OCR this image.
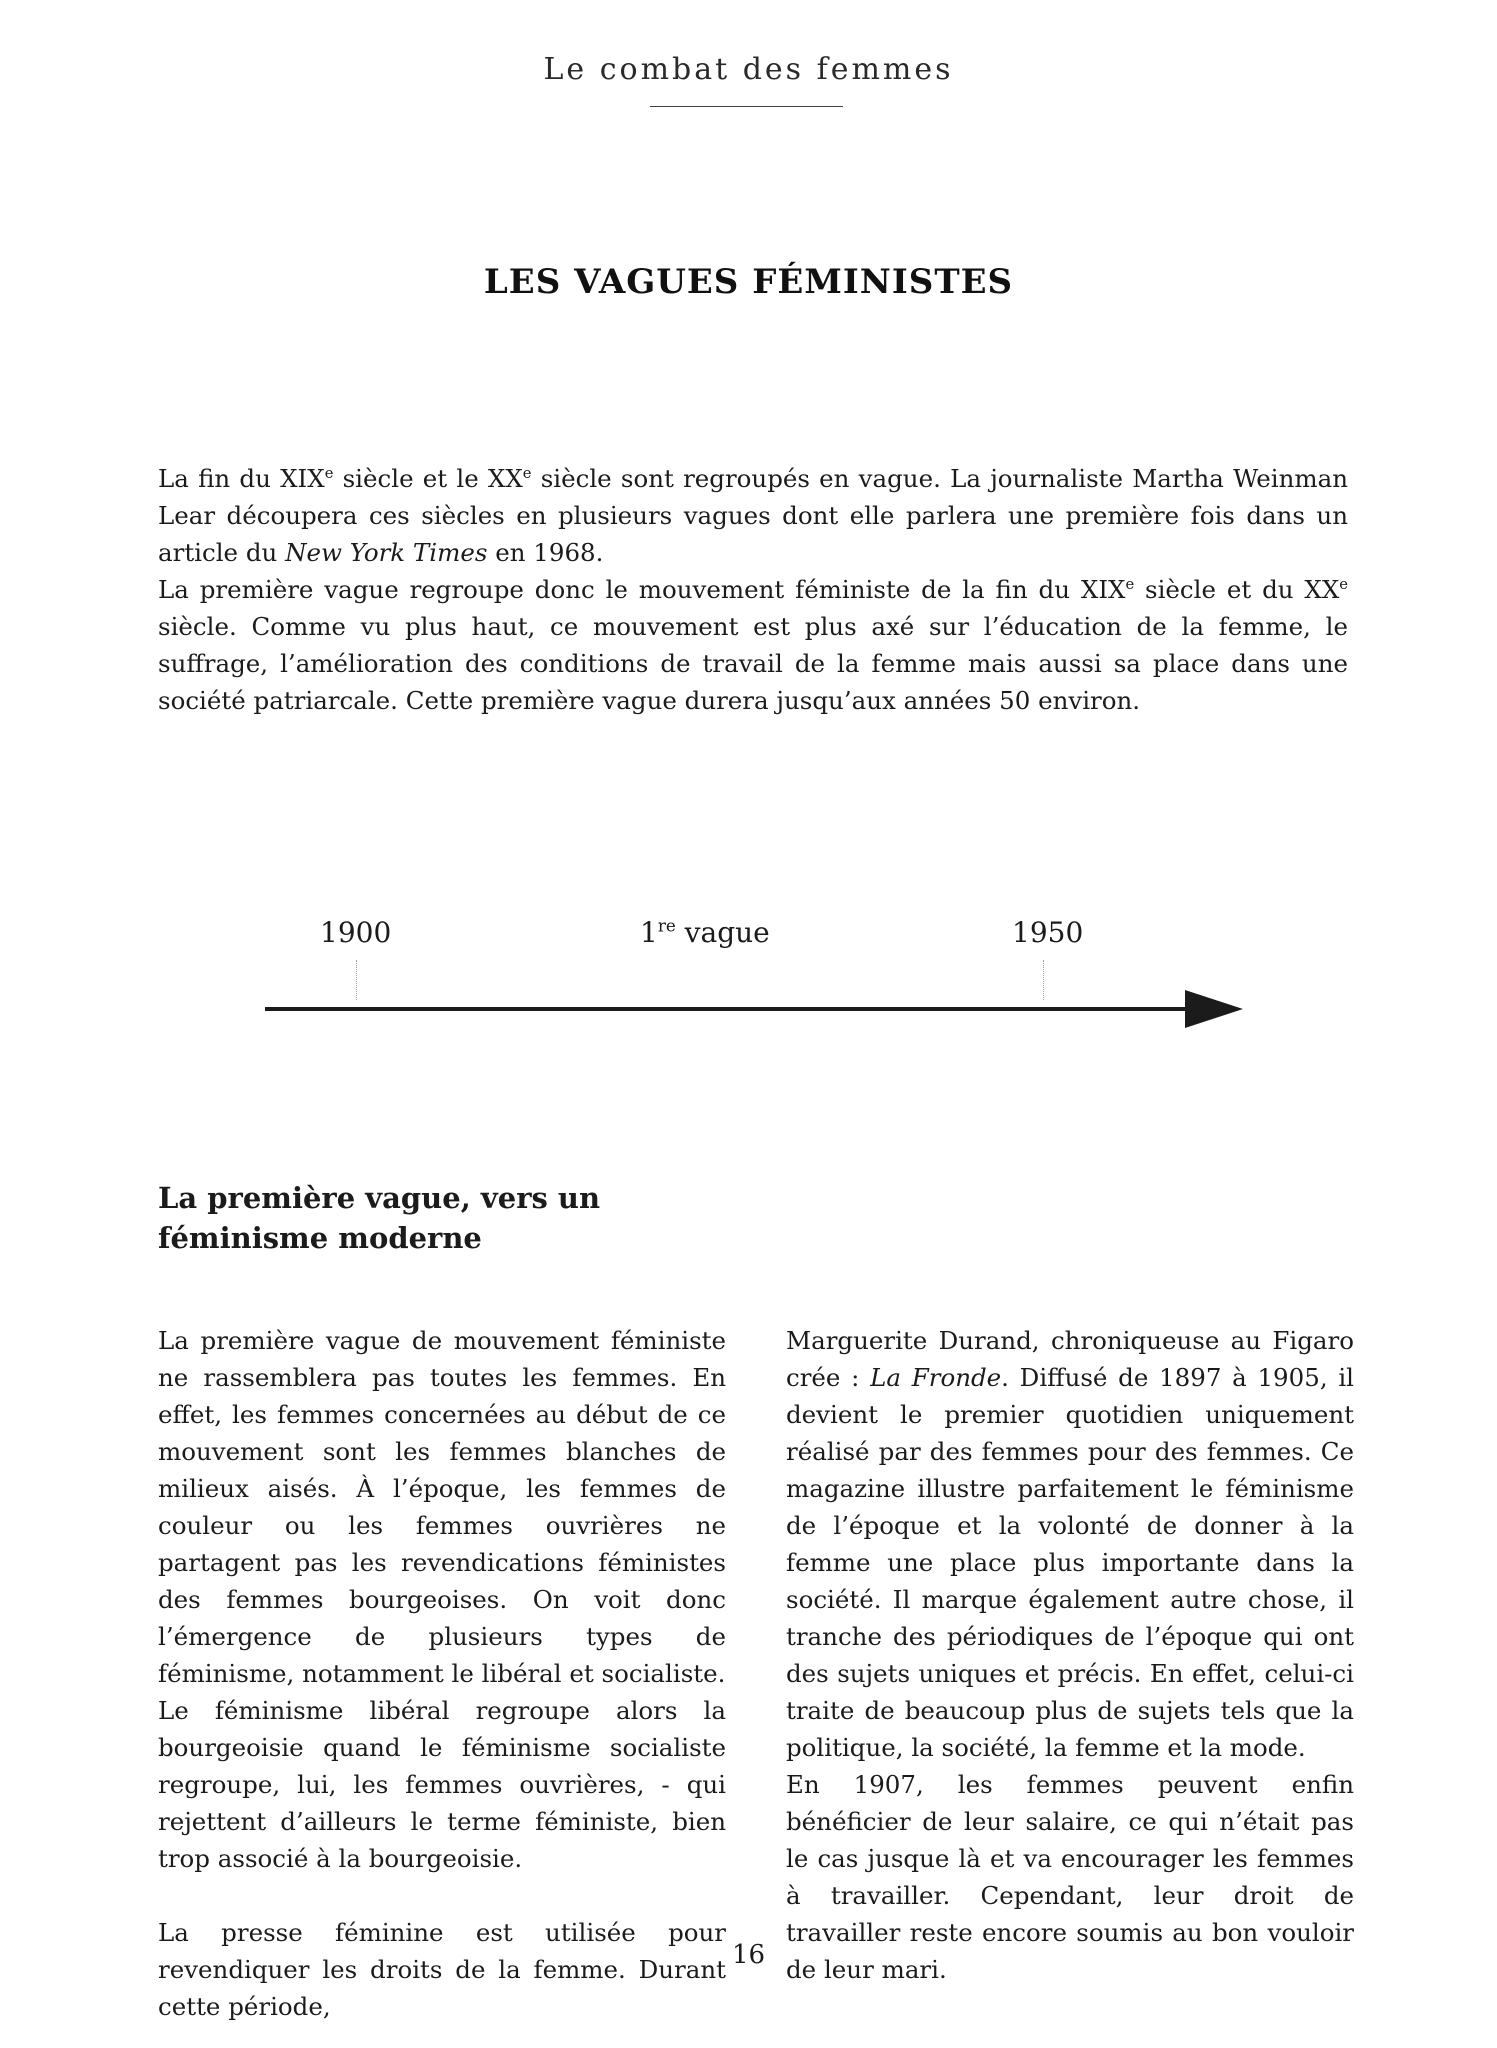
Le combat des femmes
LES VAGUES FÉMINISTES

La fin du XIXe siècle et le XXe siècle sont regroupés en vague. La journaliste Martha Weinman Lear découpera ces siècles en plusieurs vagues dont elle parlera une première fois dans un article du New York Times en 1968.

La première vague regroupe donc le mouvement féministe de la fin du XIXe siècle et du XXe siècle. Comme vu plus haut, ce mouvement est plus axé sur l’éducation de la femme, le suffrage, l’amélioration des conditions de travail de la femme mais aussi sa place dans une société patriarcale. Cette première vague durera jusqu’aux années 50 environ.

1900	1re vague	1950
La première vague, vers un féminisme moderne

La première vague de mouvement féministe ne rassemblera pas toutes les femmes. En effet, les femmes concernées au début de ce mouvement sont les femmes blanches de milieux aisés. À l’époque, les femmes de couleur ou les femmes ouvrières ne partagent pas les revendications féministes des femmes bourgeoises. On voit donc l’émergence de plusieurs types de féminisme, notamment le libéral et socialiste.

Le féminisme libéral regroupe alors la bourgeoisie quand le féminisme socialiste regroupe, lui, les femmes ouvrières, - qui rejettent d’ailleurs le terme féministe, bien trop associé à la bourgeoisie.

La presse féminine est utilisée pour revendiquer les droits de la femme. Durant cette période,

Marguerite Durand, chroniqueuse au Figaro crée : La Fronde. Diffusé de 1897 à 1905, il devient le premier quotidien uniquement réalisé par des femmes pour des femmes. Ce magazine illustre parfaitement le féminisme de l’époque et la volonté de donner à la femme une place plus importante dans la société. Il marque également autre chose, il tranche des périodiques de l’époque qui ont des sujets uniques et précis. En effet, celui-ci traite de beaucoup plus de sujets tels que la politique, la société, la femme et la mode.

En 1907, les femmes peuvent enfin bénéficier de leur salaire, ce qui n’était pas le cas jusque là et va encourager les femmes à travailler. Cependant, leur droit de travailler reste encore soumis au bon vouloir de leur mari.

16
